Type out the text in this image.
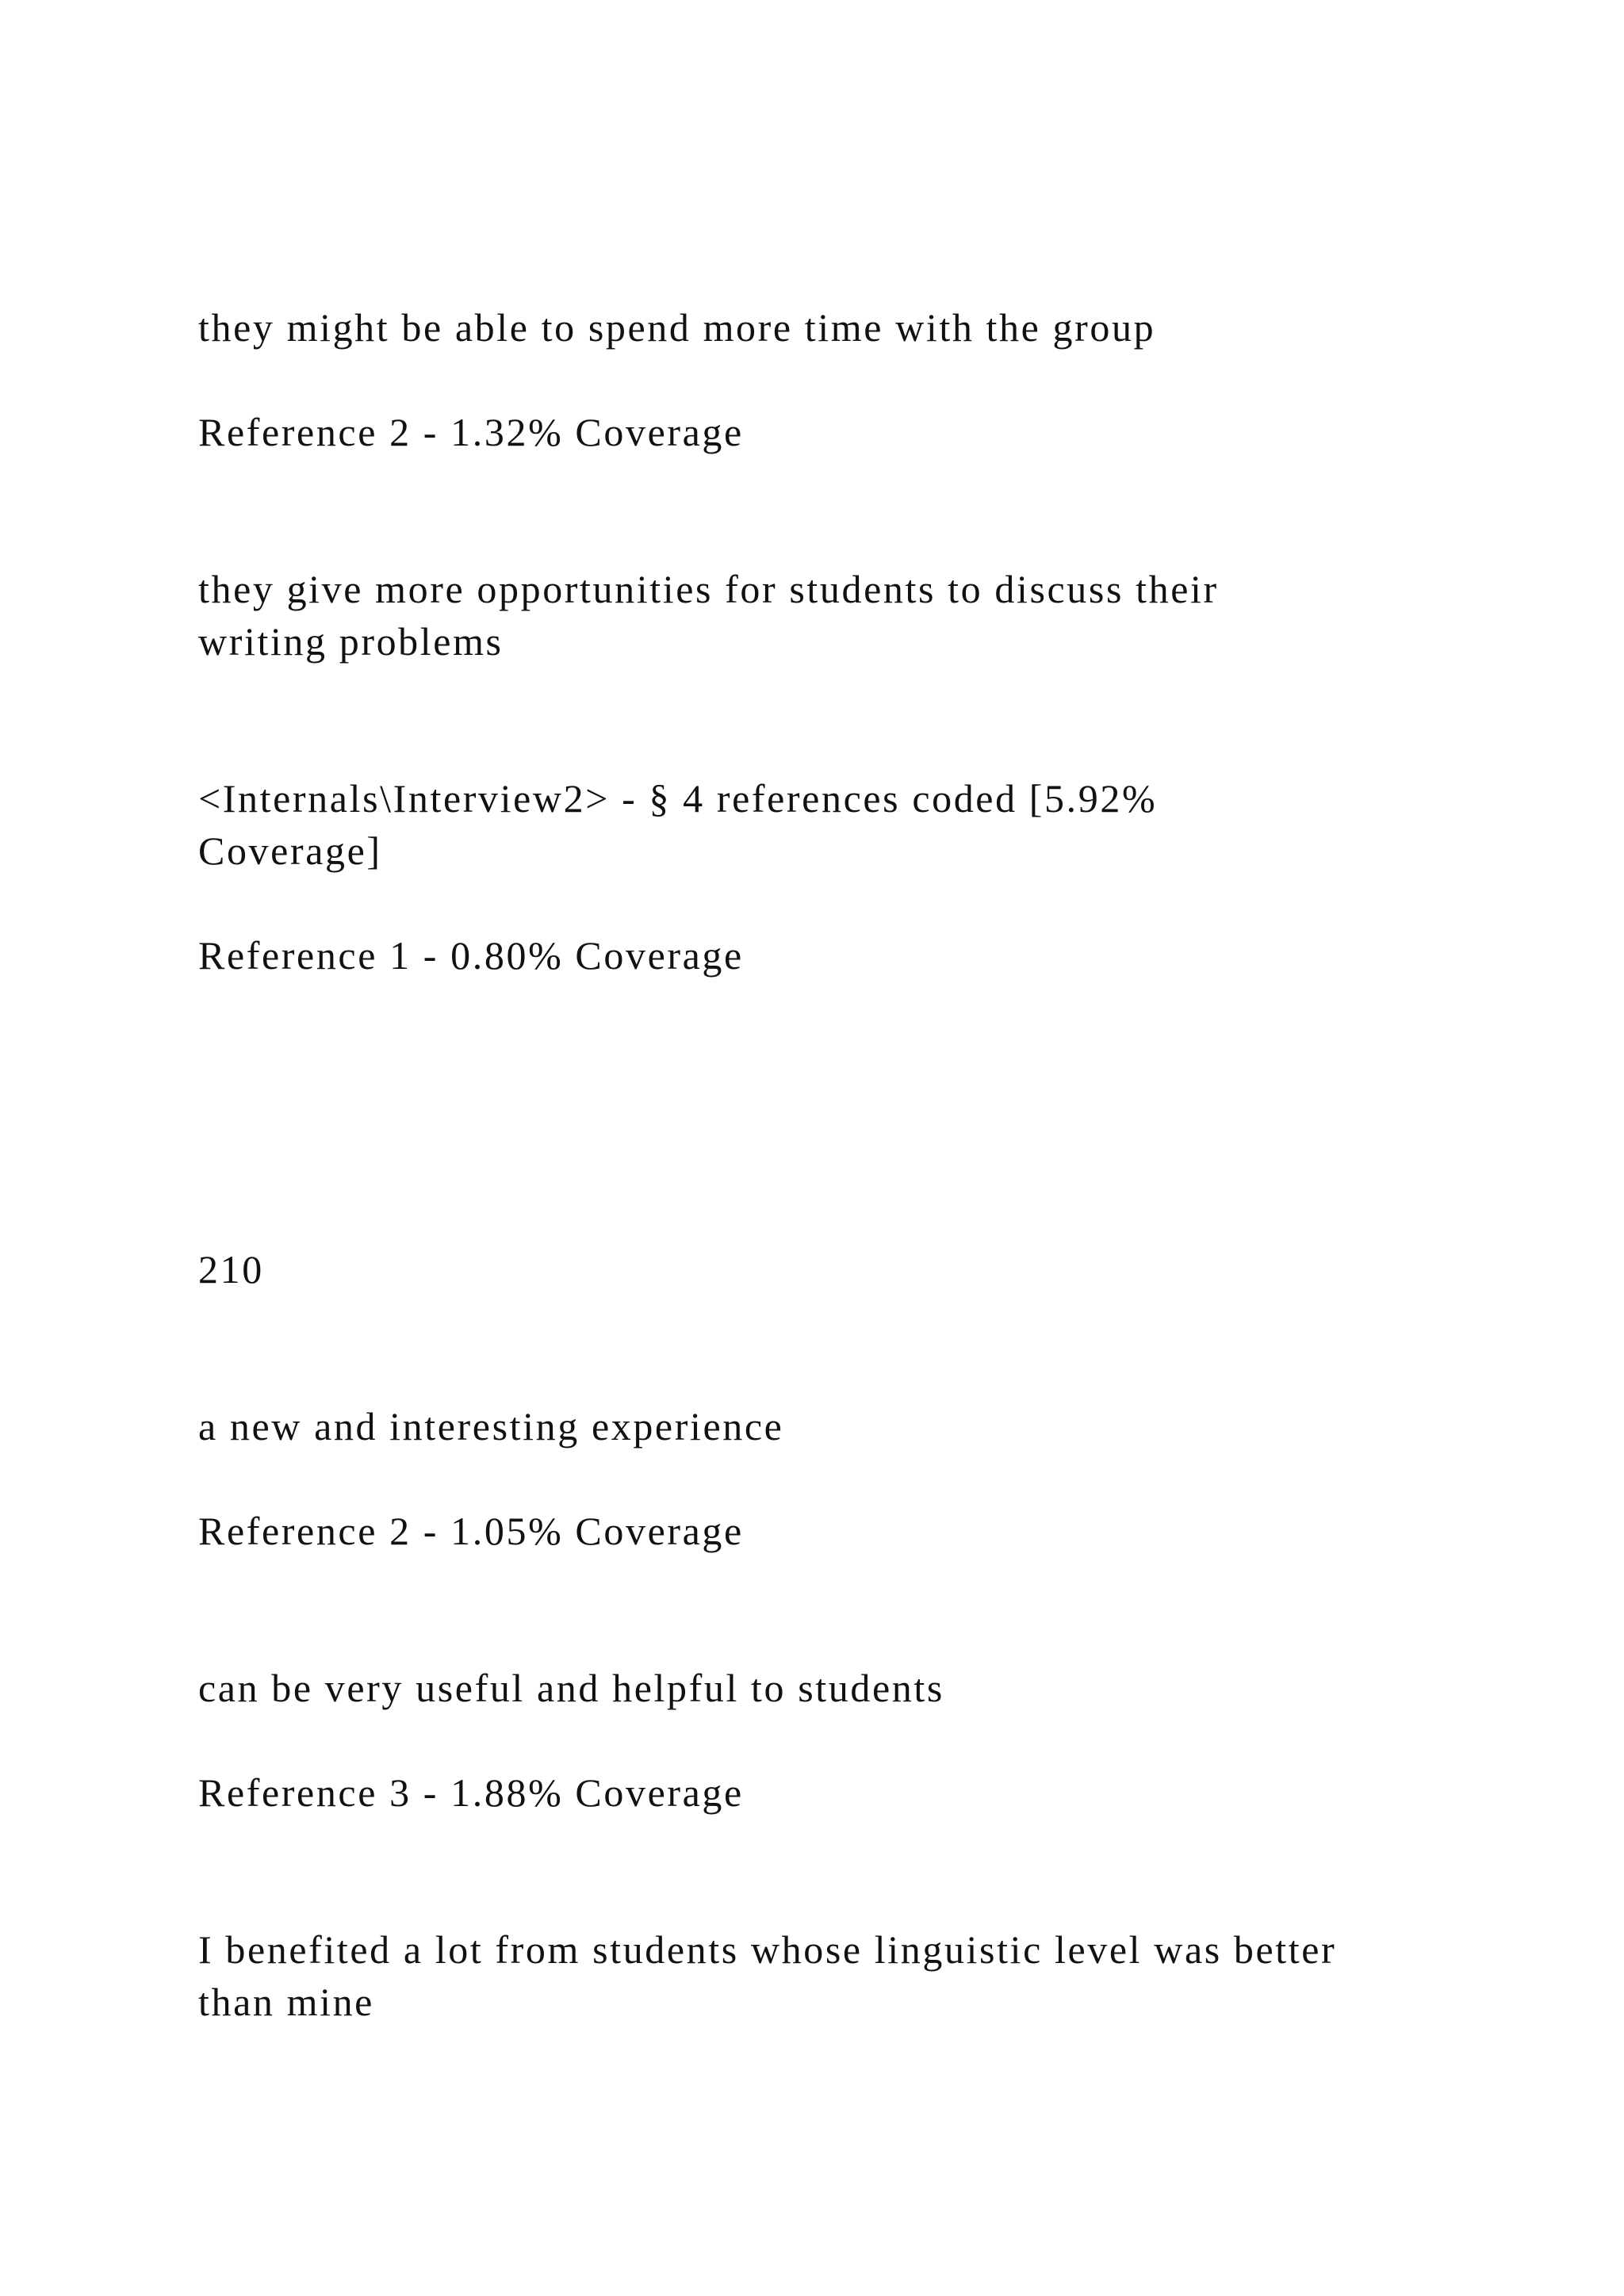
they might be able to spend more time with the group

Reference 2 - 1.32% Coverage

they give more opportunities for students to discuss their

writing problems

<Internals\Interview2> - § 4 references coded [5.92%

Coverage]

Reference 1 - 0.80% Coverage

210

a new and interesting experience

Reference 2 - 1.05% Coverage

can be very useful and helpful to students

Reference 3 - 1.88% Coverage

I benefited a lot from students whose linguistic level was better

than mine
